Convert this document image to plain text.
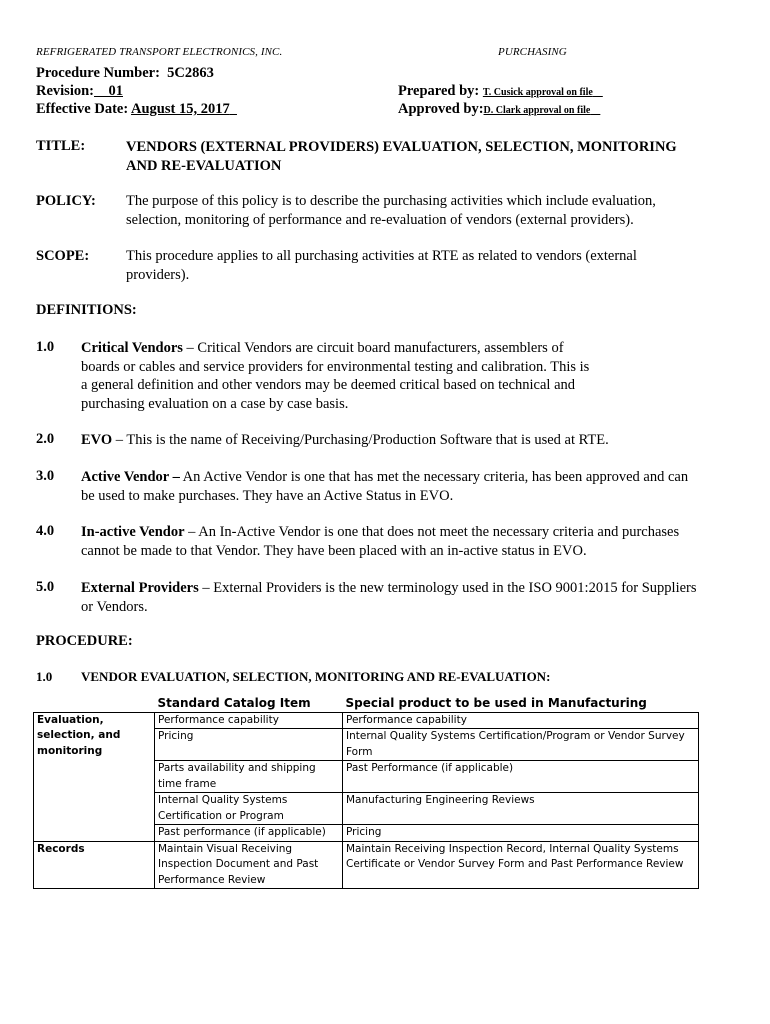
REFRIGERATED TRANSPORT ELECTRONICS, INC.	PURCHASING
Procedure Number: 5C2863
Revision: 01
Effective Date: August 15, 2017
Prepared by: T. Cusick approval on file
Approved by:D. Clark approval on file
TITLE:	VENDORS (EXTERNAL PROVIDERS) EVALUATION, SELECTION, MONITORING
AND RE-EVALUATION
POLICY: The purpose of this policy is to describe the purchasing activities which include evaluation,
selection, monitoring of performance and re-evaluation of vendors (external providers).
SCOPE:	This procedure applies to all purchasing activities at RTE as related to vendors (external
providers).
DEFINITIONS:
1.0 Critical Vendors – Critical Vendors are circuit board manufacturers, assemblers of
boards or cables and service providers for environmental testing and calibration. This is
a general definition and other vendors may be deemed critical based on technical and
purchasing evaluation on a case by case basis.
2.0 EVO – This is the name of Receiving/Purchasing/Production Software that is used at RTE.
3.0 Active Vendor – An Active Vendor is one that has met the necessary criteria, has been approved and can
be used to make purchases. They have an Active Status in EVO.
4.0 In-active Vendor – An In-Active Vendor is one that does not meet the necessary criteria and purchases
cannot be made to that Vendor. They have been placed with an in-active status in EVO.
5.0 External Providers – External Providers is the new terminology used in the ISO 9001:2015 for Suppliers
or Vendors.
PROCEDURE:
1.0 VENDOR EVALUATION, SELECTION, MONITORING AND RE-EVALUATION:
	Standard Catalog Item	Special product to be used in Manufacturing
Evaluation, selection, and monitoring	Performance capability	Performance capability
	Pricing	Internal Quality Systems Certification/Program or Vendor Survey Form
	Parts availability and shipping time frame	Past Performance (if applicable)
	Internal Quality Systems Certification or Program	Manufacturing Engineering Reviews
	Past performance (if applicable)	Pricing
Records	Maintain Visual Receiving Inspection Document and Past Performance Review	Maintain Receiving Inspection Record, Internal Quality Systems Certificate or Vendor Survey Form and Past Performance Review
